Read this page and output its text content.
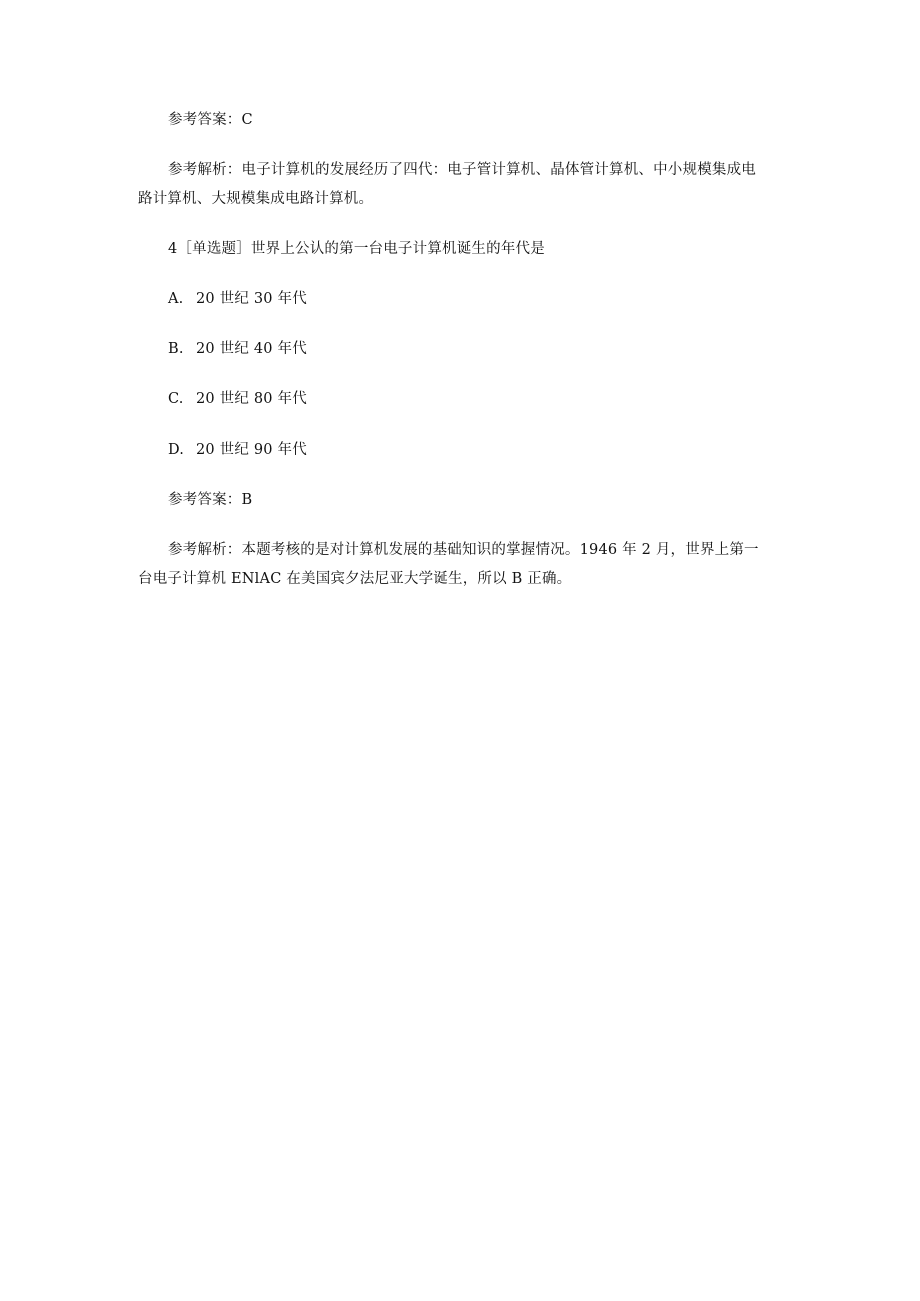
参考答案：C
参考解析：电子计算机的发展经历了四代：电子管计算机、晶体管计算机、中小规模集成电
路计算机、大规模集成电路计算机。
4［单选题］世界上公认的第一台电子计算机诞生的年代是
A. 20 世纪 30 年代
B. 20 世纪 40 年代
C. 20 世纪 80 年代
D. 20 世纪 90 年代
参考答案：B
参考解析：本题考核的是对计算机发展的基础知识的掌握情况。1946 年 2 月，世界上第一
台电子计算机 ENlAC 在美国宾夕法尼亚大学诞生，所以 B 正确。
